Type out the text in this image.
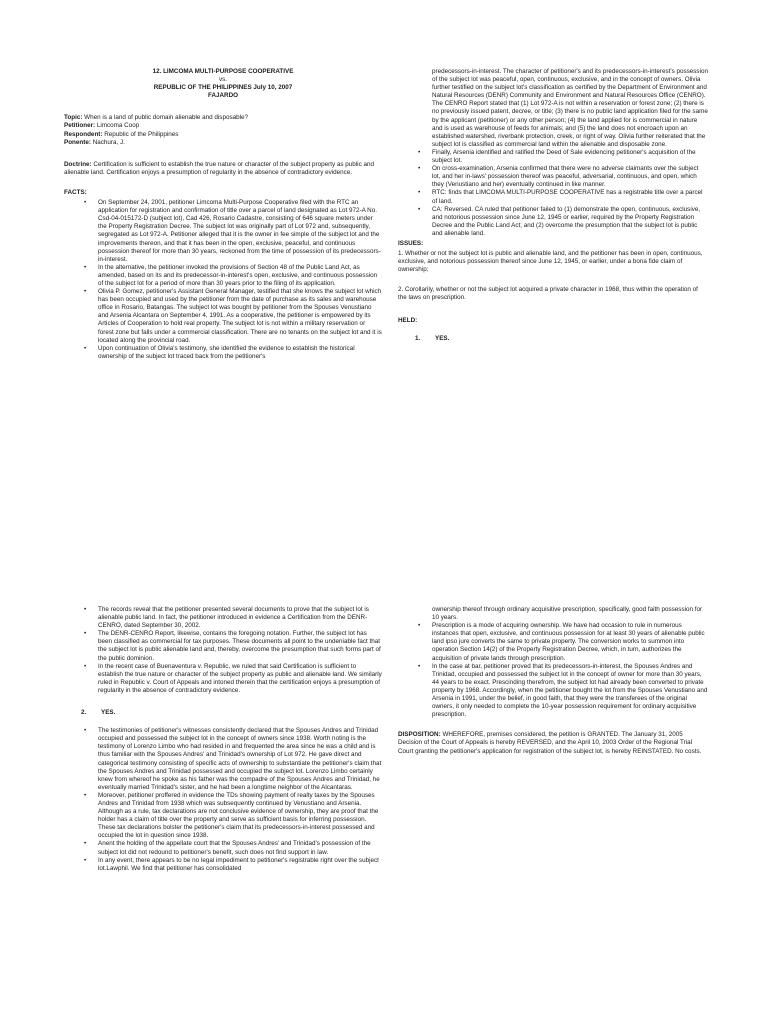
12. LIMCOMA MULTI-PURPOSE COOPERATIVE
vs.
REPUBLIC OF THE PHILIPPINES July 10, 2007
FAJARDO
Topic: When is a land of public domain alienable and disposable?
Petitioner: Limcoma Coop
Respondent: Republic of the Philippines
Ponente: Nachura, J.
Doctrine: Certification is sufficient to establish the true nature or character of the subject property as public and alienable land. Certification enjoys a presumption of regularity in the absence of contradictory evidence.
FACTS:
• On September 24, 2001, petitioner Limcoma Multi-Purpose Cooperative filed with the RTC an application for registration and confirmation of title over a parcel of land designated as Lot 972-A No. Csd-04-015172-D (subject lot), Cad 426, Rosario Cadastre, consisting of 646 square meters under the Property Registration Decree. The subject lot was originally part of Lot 972 and, subsequently, segregated as Lot 972-A. Petitioner alleged that it is the owner in fee simple of the subject lot and the improvements thereon, and that it has been in the open, exclusive, peaceful, and continuous possession thereof for more than 30 years, reckoned from the time of possession of its predecessors-in-interest.
• In the alternative, the petitioner invoked the provisions of Section 48 of the Public Land Act, as amended, based on its and its predecessor-in-interest's open, exclusive, and continuous possession of the subject lot for a period of more than 30 years prior to the filing of its application.
• Olivia P. Gomez, petitioner's Assistant General Manager, testified that she knows the subject lot which has been occupied and used by the petitioner from the date of purchase as its sales and warehouse office in Rosario, Batangas. The subject lot was bought by petitioner from the Spouses Venustiano and Arsenia Alcantara on September 4, 1991. As a cooperative, the petitioner is empowered by its Articles of Cooperation to hold real property. The subject lot is not within a military reservation or forest zone but falls under a commercial classification. There are no tenants on the subject lot and it is located along the provincial road.
• Upon continuation of Olivia's testimony, she identified the evidence to establish the historical ownership of the subject lot traced back from the petitioner's
predecessors-in-interest. The character of petitioner's and its predecessors-in-interest's possession of the subject lot was peaceful, open, continuous, exclusive, and in the concept of owners. Olivia further testified on the subject lot's classification as certified by the Department of Environment and Natural Resources (DENR) Community and Environment and Natural Resources Office (CENRO). The CENRO Report stated that (1) Lot 972-A is not within a reservation or forest zone; (2) there is no previously issued patent, decree, or title; (3) there is no public land application filed for the same by the applicant (petitioner) or any other person; (4) the land applied for is commercial in nature and is used as warehouse of feeds for animals; and (5) the land does not encroach upon an established watershed, riverbank protection, creek, or right of way. Olivia further reiterated that the subject lot is classified as commercial land within the alienable and disposable zone.
• Finally, Arsenia identified and ratified the Deed of Sale evidencing petitioner's acquisition of the subject lot.
• On cross-examination, Arsenia confirmed that there were no adverse claimants over the subject lot, and her in-laws' possession thereof was peaceful, adversarial, continuous, and open, which they (Venustiano and her) eventually continued in like manner.
• RTC: finds that LIMCOMA MULTI-PURPOSE COOPERATIVE has a registrable title over a parcel of land.
• CA: Reversed. CA ruled that petitioner failed to (1) demonstrate the open, continuous, exclusive, and notorious possession since June 12, 1945 or earlier, required by the Property Registration Decree and the Public Land Act; and (2) overcome the presumption that the subject lot is public and alienable land.
ISSUES:
1. Whether or not the subject lot is public and alienable land, and the petitioner has been in open, continuous, exclusive, and notorious possession thereof since June 12, 1945, or earlier, under a bona fide claim of ownership;
2. Corollarily, whether or not the subject lot acquired a private character in 1968, thus within the operation of the laws on prescription.
HELD:
1. YES.
• The records reveal that the petitioner presented several documents to prove that the subject lot is alienable public land. In fact, the petitioner introduced in evidence a Certification from the DENR-CENRO, dated September 30, 2002.
• The DENR-CENRO Report, likewise, contains the foregoing notation. Further, the subject lot has been classified as commercial for tax purposes. These documents all point to the undeniable fact that the subject lot is public alienable land and, thereby, overcome the presumption that such forms part of the public dominion.
• In the recent case of Buenaventura v. Republic, we ruled that said Certification is sufficient to establish the true nature or character of the subject property as public and alienable land. We similarly ruled in Republic v. Court of Appeals and intoned therein that the certification enjoys a presumption of regularity in the absence of contradictory evidence.
2. YES.
• The testimonies of petitioner's witnesses consistently declared that the Spouses Andres and Trinidad occupied and possessed the subject lot in the concept of owners since 1938. Worth noting is the testimony of Lorenzo Limbo who had resided in and frequented the area since he was a child and is thus familiar with the Spouses Andres' and Trinidad's ownership of Lot 972. He gave direct and categorical testimony consisting of specific acts of ownership to substantiate the petitioner's claim that the Spouses Andres and Trinidad possessed and occupied the subject lot. Lorenzo Limbo certainly knew from whereof he spoke as his father was the compadre of the Spouses Andres and Trinidad, he eventually married Trinidad's sister, and he had been a longtime neighbor of the Alcantaras.
• Moreover, petitioner proffered in evidence the TDs showing payment of realty taxes by the Spouses Andres and Trinidad from 1938 which was subsequently continued by Venustiano and Arsenia. Although as a rule, tax declarations are not conclusive evidence of ownership, they are proof that the holder has a claim of title over the property and serve as sufficient basis for inferring possession. These tax declarations bolster the petitioner's claim that its predecessors-in-interest possessed and occupied the lot in question since 1938.
• Anent the holding of the appellate court that the Spouses Andres' and Trinidad's possession of the subject lot did not redound to petitioner's benefit, such does not find support in law.
• In any event, there appears to be no legal impediment to petitioner's registrable right over the subject lot.Lawphil. We find that petitioner has consolidated
ownership thereof through ordinary acquisitive prescription, specifically, good faith possession for 10 years.
• Prescription is a mode of acquiring ownership. We have had occasion to rule in numerous instances that open, exclusive, and continuous possession for at least 30 years of alienable public land ipso jure converts the same to private property. The conversion works to summon into operation Section 14(2) of the Property Registration Decree, which, in turn, authorizes the acquisition of private lands through prescription.
• In the case at bar, petitioner proved that its predecessors-in-interest, the Spouses Andres and Trinidad, occupied and possessed the subject lot in the concept of owner for more than 30 years, 44 years to be exact. Prescinding therefrom, the subject lot had already been converted to private property by 1968. Accordingly, when the petitioner bought the lot from the Spouses Venustiano and Arsenia in 1991, under the belief, in good faith, that they were the transferees of the original owners, it only needed to complete the 10-year possession requirement for ordinary acquisitive prescription.
DISPOSITION: WHEREFORE, premises considered, the petition is GRANTED. The January 31, 2005 Decision of the Court of Appeals is hereby REVERSED, and the April 10, 2003 Order of the Regional Trial Court granting the petitioner's application for registration of the subject lot, is hereby REINSTATED. No costs.
